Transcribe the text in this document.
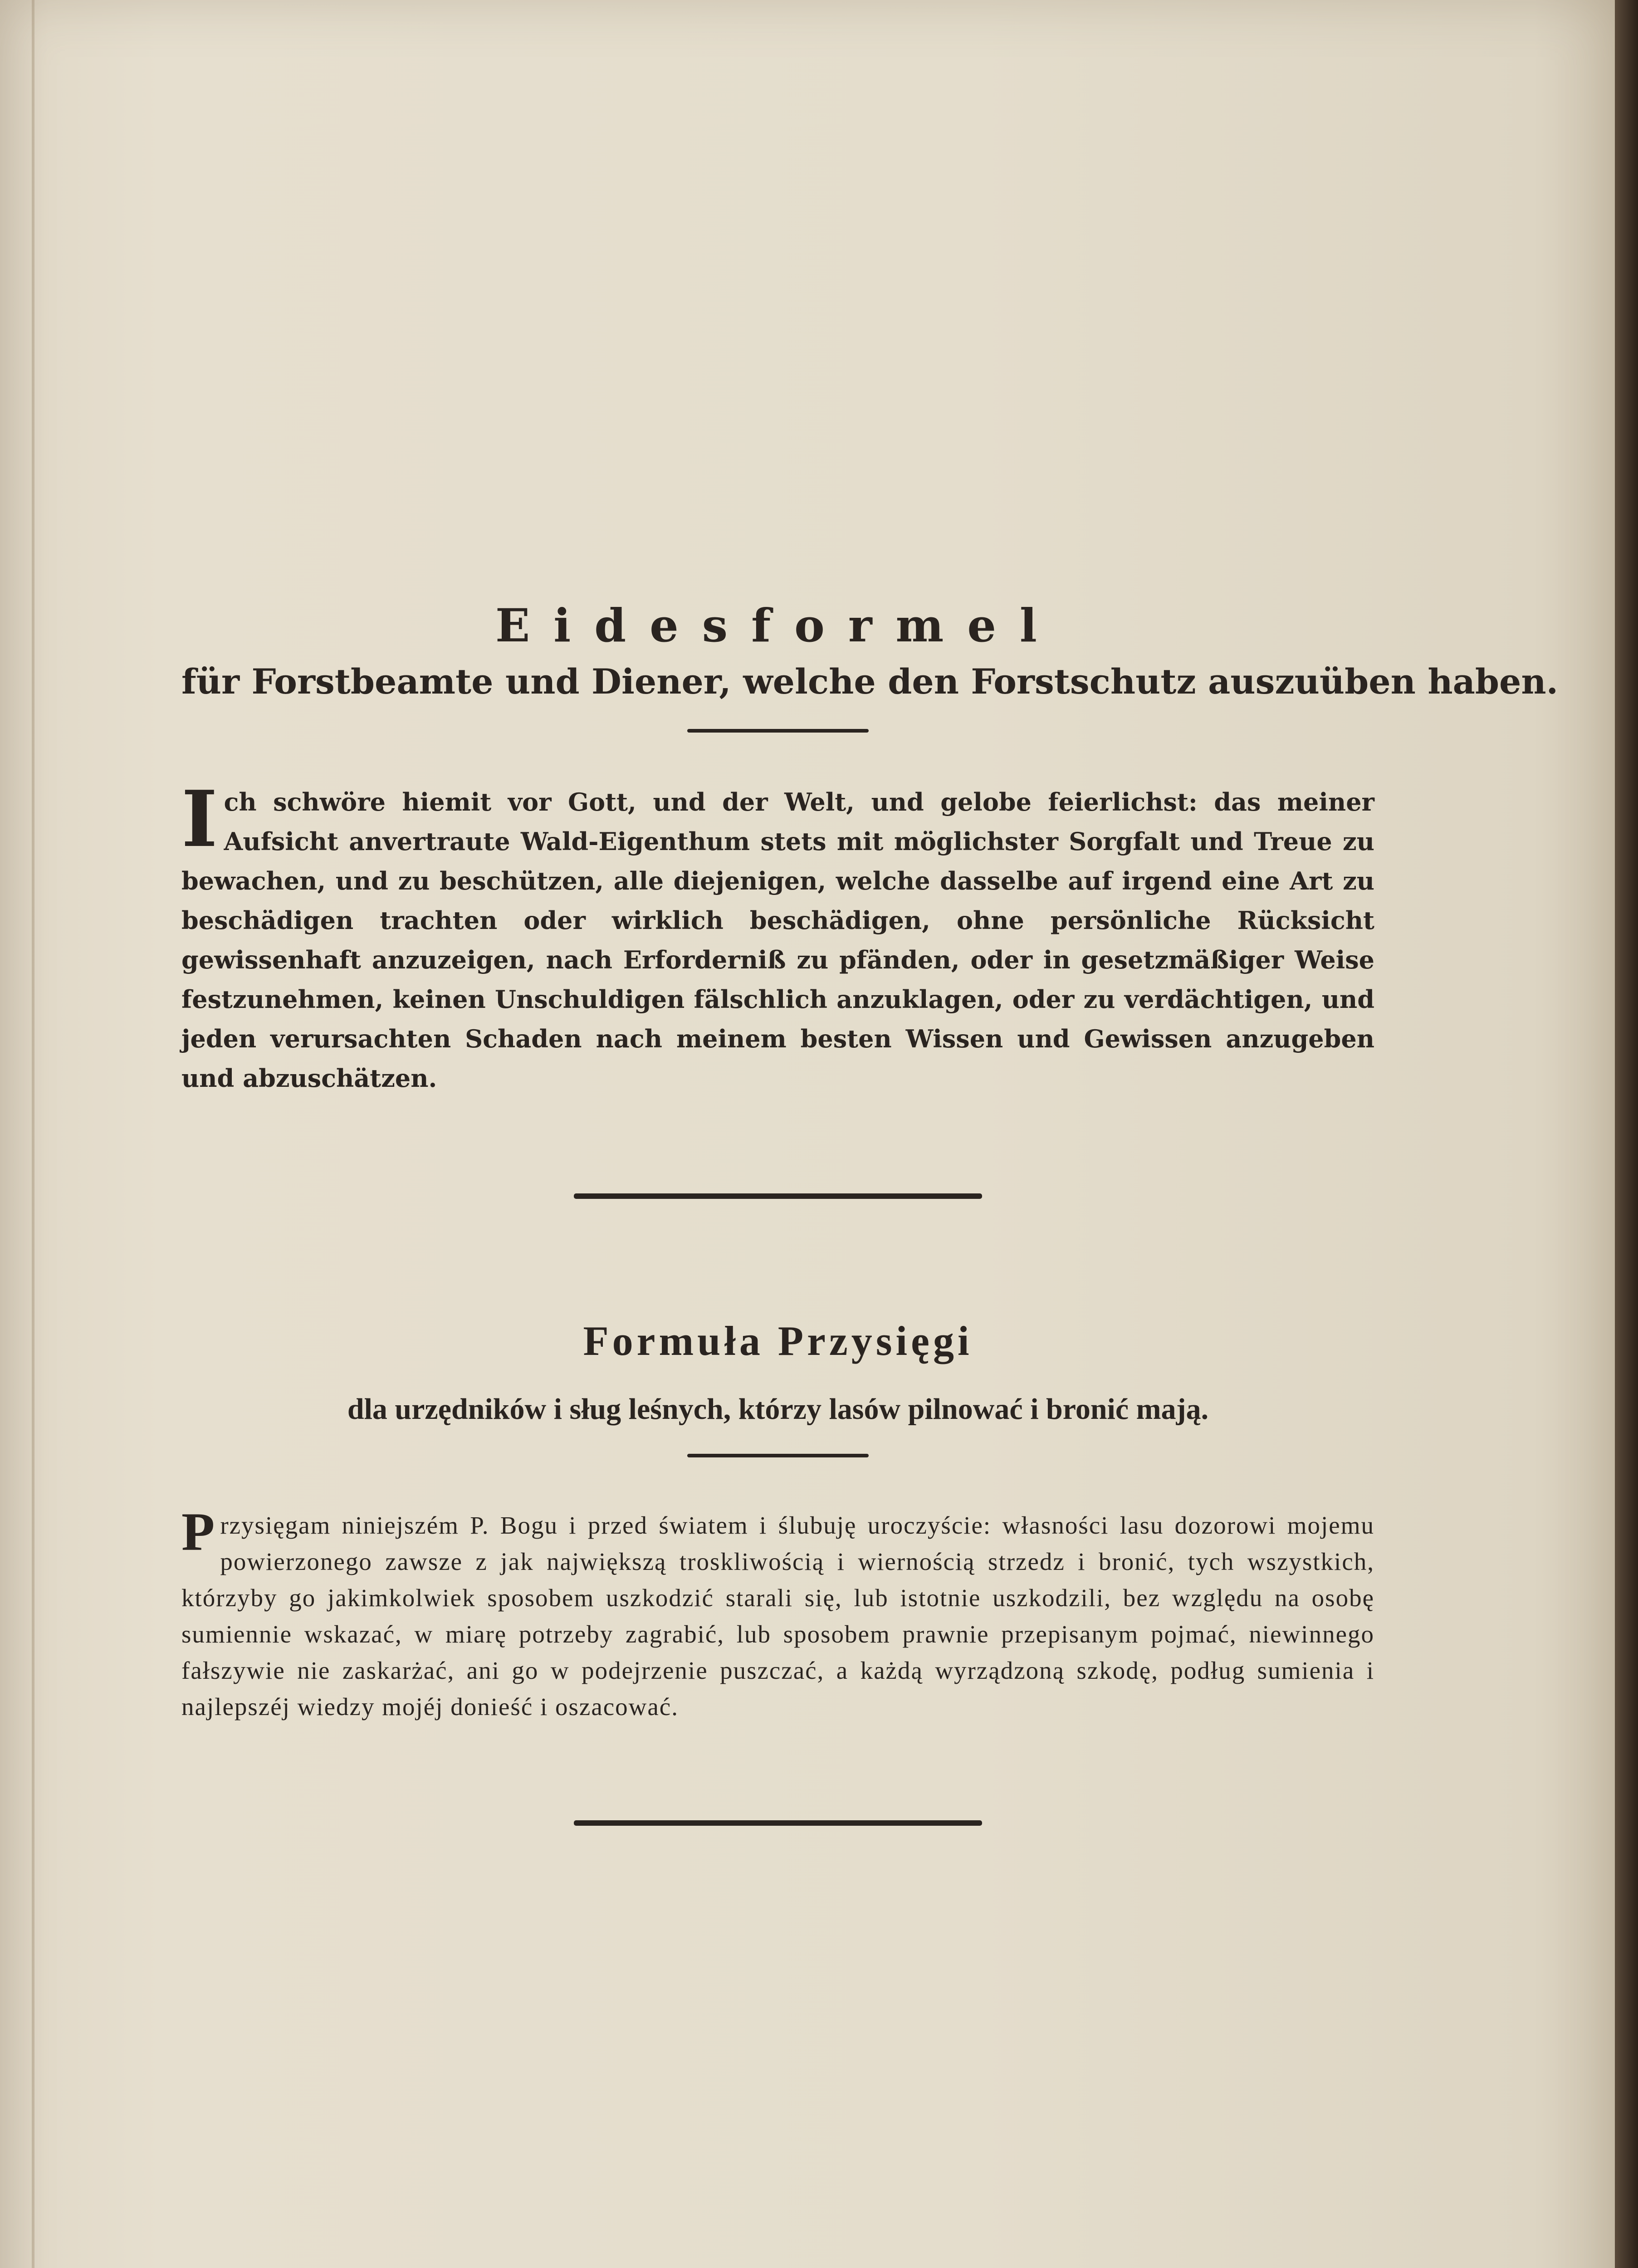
Eidesformel
für Forstbeamte und Diener, welche den Forstschutz auszuüben haben.

Ich schwöre hiemit vor Gott, und der Welt, und gelobe feierlichst: das meiner Aufsicht anvertraute Wald-Eigenthum stets mit möglichster Sorgfalt und Treue zu bewachen, und zu beschützen, alle diejenigen, welche dasselbe auf irgend eine Art zu beschädigen trachten oder wirklich beschädigen, ohne persönliche Rücksicht gewissenhaft anzuzeigen, nach Erforderniß zu pfänden, oder in gesetzmäßiger Weise festzunehmen, keinen Unschuldigen fälschlich anzuklagen, oder zu verdächtigen, und jeden verursachten Schaden nach meinem besten Wissen und Gewissen anzugeben und abzuschätzen.

Formuła Przysięgi
dla urzędników i sług leśnych, którzy lasów pilnować i bronić mają.

Przysięgam niniejszém P. Bogu i przed światem i ślubuję uroczyście: własności lasu dozorowi mojemu powierzonego zawsze z jak największą troskliwością i wiernością strzedz i bronić, tych wszystkich, którzyby go jakimkolwiek sposobem uszkodzić starali się, lub istotnie uszkodzili, bez względu na osobę sumiennie wskazać, w miarę potrzeby zagrabić, lub sposobem prawnie przepisanym pojmać, niewinnego fałszywie nie zaskarżać, ani go w podejrzenie puszczać, a każdą wyrządzoną szkodę, podług sumienia i najlepszéj wiedzy mojéj donieść i oszacować.
